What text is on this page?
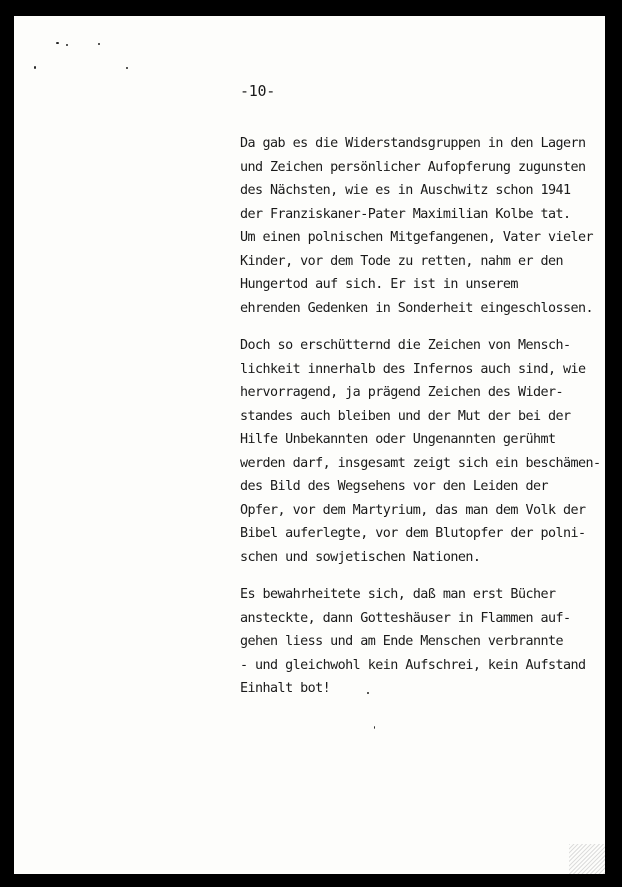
-10-

Da gab es die Widerstandsgruppen in den Lagern
und Zeichen persönlicher Aufopferung zugunsten
des Nächsten, wie es in Auschwitz schon 1941
der Franziskaner-Pater Maximilian Kolbe tat.
Um einen polnischen Mitgefangenen, Vater vieler
Kinder, vor dem Tode zu retten, nahm er den
Hungertod auf sich. Er ist in unserem
ehrenden Gedenken in Sonderheit eingeschlossen.

Doch so erschütternd die Zeichen von Mensch-
lichkeit innerhalb des Infernos auch sind, wie
hervorragend, ja prägend Zeichen des Wider-
standes auch bleiben und der Mut der bei der
Hilfe Unbekannten oder Ungenannten gerühmt
werden darf, insgesamt zeigt sich ein beschämen-
des Bild des Wegsehens vor den Leiden der
Opfer, vor dem Martyrium, das man dem Volk der
Bibel auferlegte, vor dem Blutopfer der polni-
schen und sowjetischen Nationen.

Es bewahrheitete sich, daß man erst Bücher
ansteckte, dann Gotteshäuser in Flammen auf-
gehen liess und am Ende Menschen verbrannte
- und gleichwohl kein Aufschrei, kein Aufstand
Einhalt bot!
